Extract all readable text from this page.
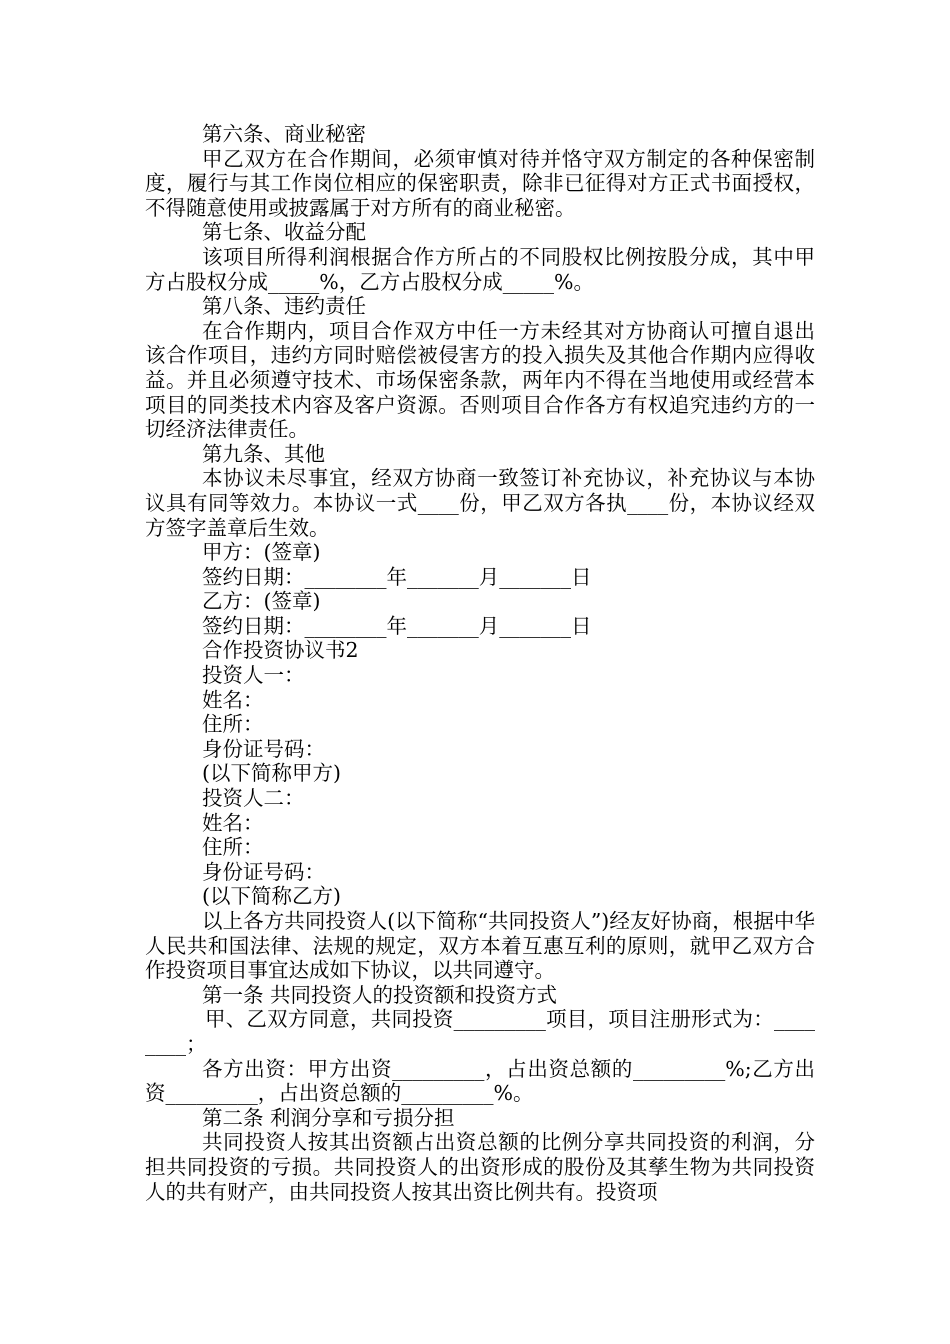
第六条、商业秘密

甲乙双方在合作期间，必须审慎对待并恪守双方制定的各种保密制度，履行与其工作岗位相应的保密职责，除非已征得对方正式书面授权，不得随意使用或披露属于对方所有的商业秘密。

第七条、收益分配

该项目所得利润根据合作方所占的不同股权比例按股分成，其中甲方占股权分成_____%，乙方占股权分成_____%。

第八条、违约责任

在合作期内，项目合作双方中任一方未经其对方协商认可擅自退出该合作项目，违约方同时赔偿被侵害方的投入损失及其他合作期内应得收益。并且必须遵守技术、市场保密条款，两年内不得在当地使用或经营本项目的同类技术内容及客户资源。否则项目合作各方有权追究违约方的一切经济法律责任。

第九条、其他

本协议未尽事宜，经双方协商一致签订补充协议，补充协议与本协议具有同等效力。本协议一式____份，甲乙双方各执____份，本协议经双方签字盖章后生效。

甲方：(签章)

签约日期：________年_______月_______日

乙方：(签章)

签约日期：________年_______月_______日

合作投资协议书2

投资人一：

姓名：

住所：

身份证号码：

(以下简称甲方)

投资人二：

姓名：

住所：

身份证号码：

(以下简称乙方)

以上各方共同投资人(以下简称“共同投资人”)经友好协商，根据中华人民共和国法律、法规的规定，双方本着互惠互利的原则，就甲乙双方合作投资项目事宜达成如下协议，以共同遵守。

第一条 共同投资人的投资额和投资方式

甲、乙双方同意，共同投资_________项目，项目注册形式为：________；

各方出资：甲方出资_________，占出资总额的_________%;乙方出资_________，占出资总额的_________%。

第二条 利润分享和亏损分担

共同投资人按其出资额占出资总额的比例分享共同投资的利润，分担共同投资的亏损。共同投资人的出资形成的股份及其孳生物为共同投资人的共有财产，由共同投资人按其出资比例共有。投资项
